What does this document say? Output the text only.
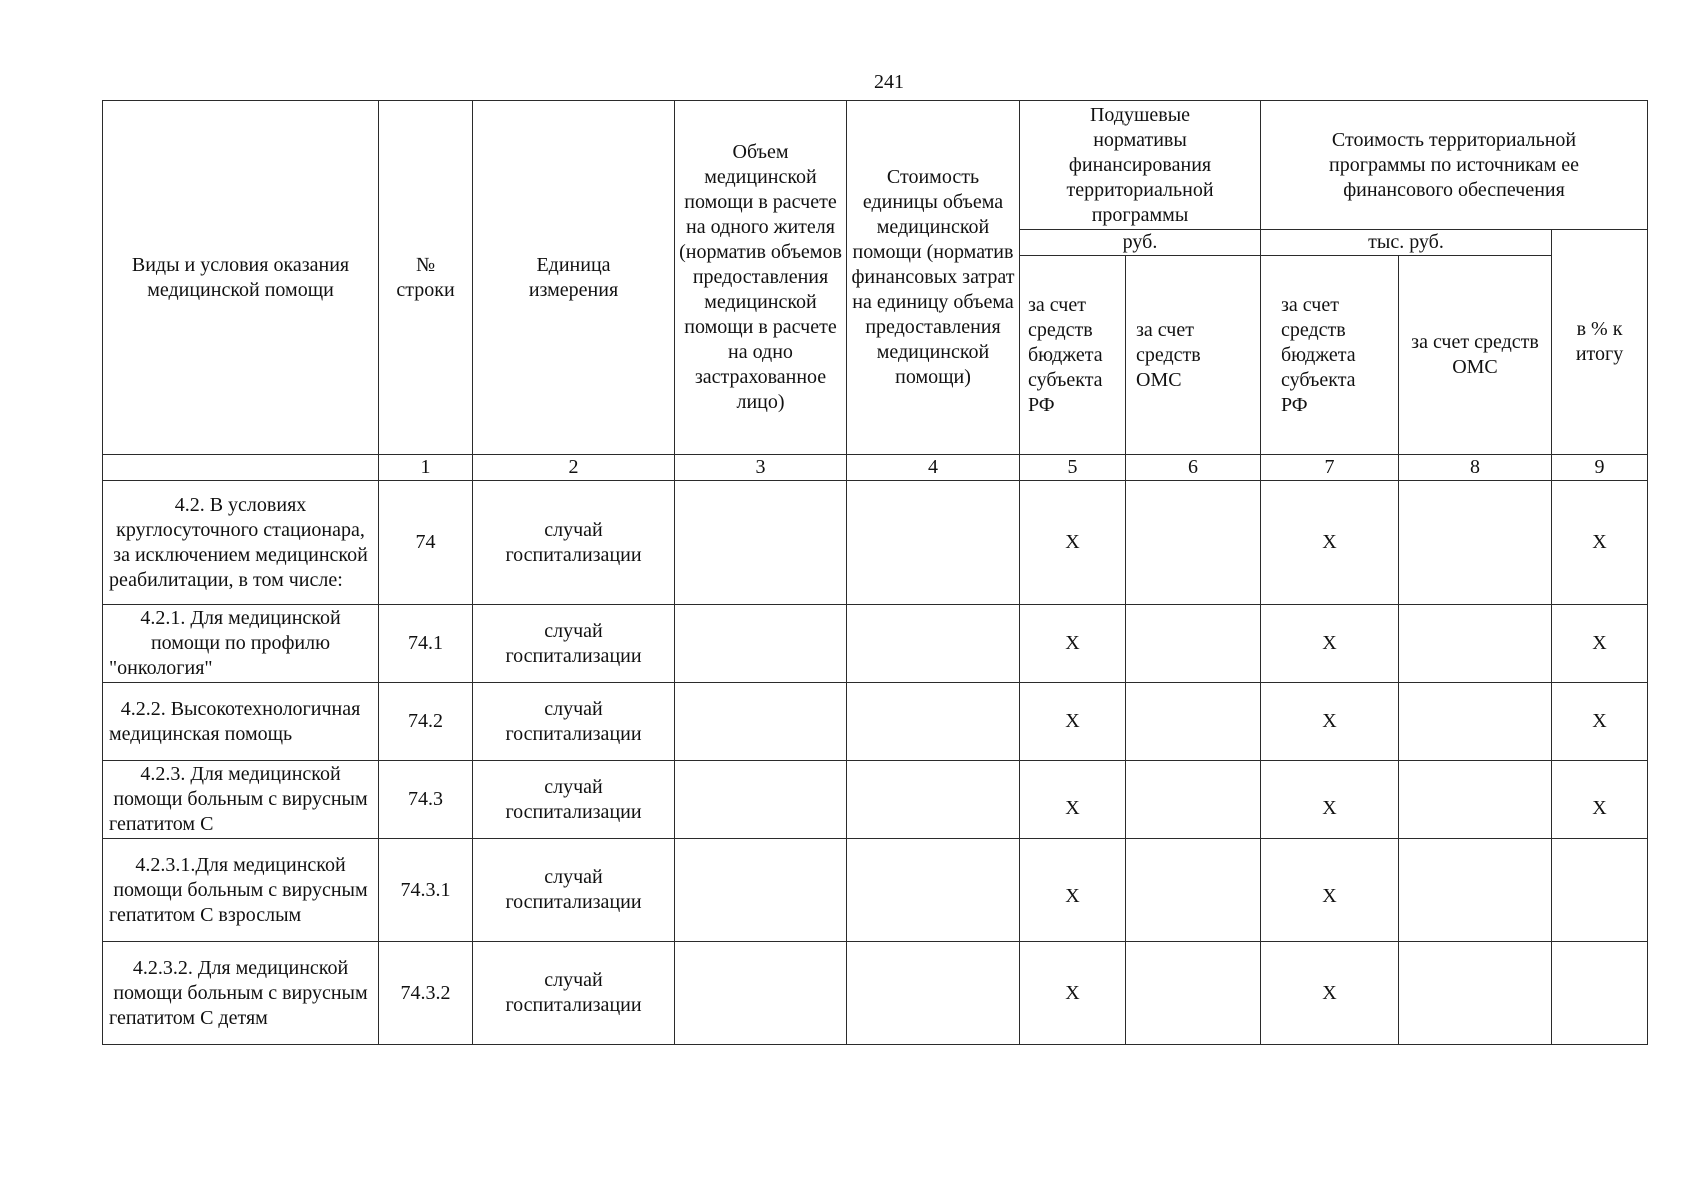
241
Виды и условия оказания медицинской помощи	№ строки	Единица измерения	Объем медицинской помощи в расчете на одного жителя (норматив объемов предоставления медицинской помощи в расчете на одно застрахованное лицо)	Стоимость единицы объема медицинской помощи (норматив финансовых затрат на единицу объема предоставления медицинской помощи)	Подушевые нормативы финансирования территориальной программы		Стоимость территориальной программы по источникам ее финансового обеспечения		
					руб.		тыс. руб.		в % к итогу
					за счет средств бюджета субъекта РФ	за счет средств ОМС	за счет средств бюджета субъекта РФ	за счет средств ОМС	
	1	2	3	4	5	6	7	8	9
4.2. В условиях круглосуточного стационара, за исключением медицинской реабилитации, в том числе:	74	случай госпитализации			Х		Х		Х
4.2.1. Для медицинской помощи по профилю "онкология"	74.1	случай госпитализации			Х		Х		Х
4.2.2. Высокотехнологичная медицинская помощь	74.2	случай госпитализации			Х		Х		Х
4.2.3. Для медицинской помощи больным с вирусным гепатитом С	74.3	случай госпитализации			Х		Х		Х
4.2.3.1.Для медицинской помощи больным с вирусным гепатитом С взрослым	74.3.1	случай госпитализации			Х		Х		
4.2.3.2. Для медицинской помощи больным с вирусным гепатитом С детям	74.3.2	случай госпитализации			Х		Х		
